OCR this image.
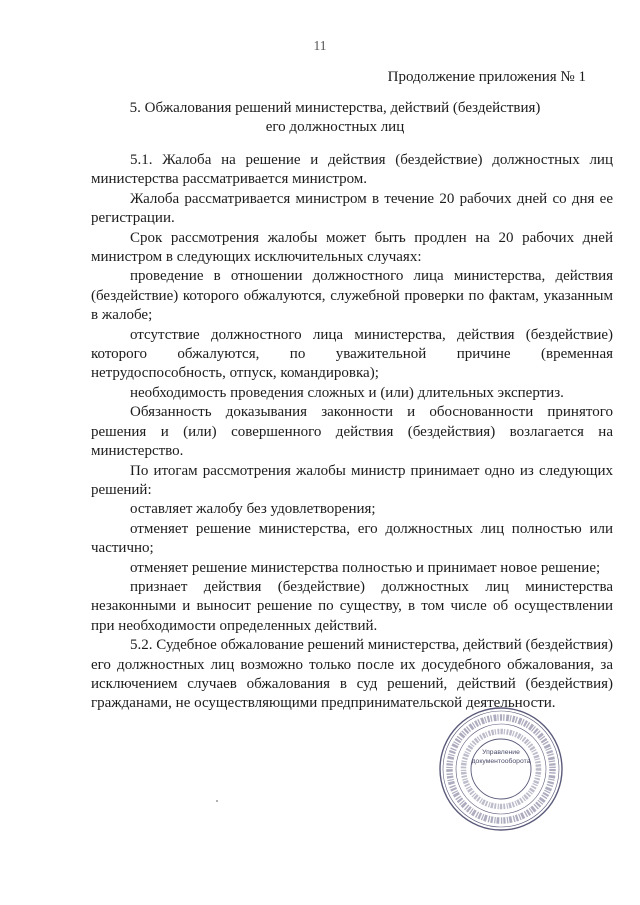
11
Продолжение приложения № 1
5. Обжалования решений министерства, действий (бездействия)
его должностных лиц

5.1. Жалоба на решение и действия (бездействие) должностных лиц министерства рассматривается министром.

Жалоба рассматривается министром в течение 20 рабочих дней со дня ее регистрации.

Срок рассмотрения жалобы может быть продлен на 20 рабочих дней министром в следующих исключительных случаях:

проведение в отношении должностного лица министерства, действия (бездействие) которого обжалуются, служебной проверки по фактам, указанным в жалобе;

отсутствие должностного лица министерства, действия (бездействие) которого обжалуются, по уважительной причине (временная нетрудоспособность, отпуск, командировка);

необходимость проведения сложных и (или) длительных экспертиз.

Обязанность доказывания законности и обоснованности принятого решения и (или) совершенного действия (бездействия) возлагается на министерство.

По итогам рассмотрения жалобы министр принимает одно из следующих решений:

оставляет жалобу без удовлетворения;

отменяет решение министерства, его должностных лиц полностью или частично;

отменяет решение министерства полностью и принимает новое решение;

признает действия (бездействие) должностных лиц министерства незаконными и выносит решение по существу, в том числе об осуществлении при необходимости определенных действий.

5.2. Судебное обжалование решений министерства, действий (бездействия) его должностных лиц возможно только после их досудебного обжалования, за исключением случаев обжалования в суд решений, действий (бездействия) гражданами, не осуществляющими предпринимательской деятельности.

Управление
документооборота
